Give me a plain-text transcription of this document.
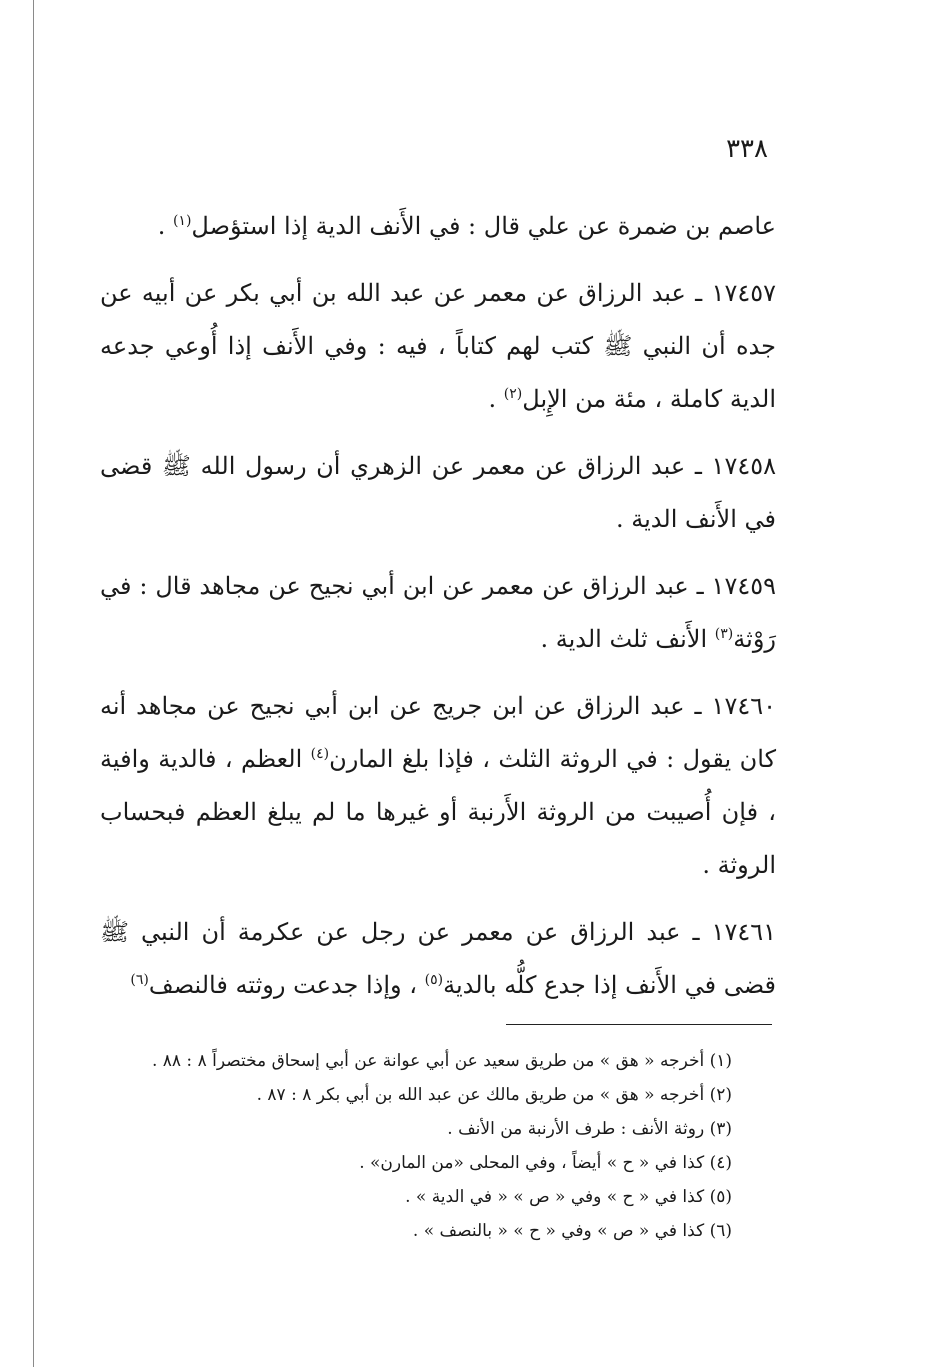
٣٣٨

عاصم بن ضمرة عن علي قال : في الأَنف الدية إذا استؤصل$^{(١)}$ .

١٧٤٥٧ ـ عبد الرزاق عن معمر عن عبد الله بن أبي بكر عن أبيه عن جده أن النبي ﷺ كتب لهم كتاباً ، فيه : وفي الأَنف إذا أُوعي جدعه الدية كاملة ، مئة من الإِبل$^{(٢)}$ .

١٧٤٥٨ ـ عبد الرزاق عن معمر عن الزهري أن رسول الله ﷺ قضى في الأَنف الدية .

١٧٤٥٩ ـ عبد الرزاق عن معمر عن ابن أبي نجيح عن مجاهد قال : في رَوْثة$^{(٣)}$ الأَنف ثلث الدية .

١٧٤٦٠ ـ عبد الرزاق عن ابن جريج عن ابن أبي نجيح عن مجاهد أنه كان يقول : في الروثة الثلث ، فإذا بلغ المارن$^{(٤)}$ العظم ، فالدية وافية ، فإن أُصيبت من الروثة الأَرنبة أو غيرها ما لم يبلغ العظم فبحساب الروثة .

١٧٤٦١ ـ عبد الرزاق عن معمر عن رجل عن عكرمة أن النبي ﷺ قضى في الأَنف إذا جدع كلُّه بالدية$^{(٥)}$ ، وإذا جدعت روثته فالنصف$^{(٦)}$

(١) أخرجه « هق » من طريق سعيد عن أبي عوانة عن أبي إسحاق مختصراً ٨ : ٨٨ .
(٢) أخرجه « هق » من طريق مالك عن عبد الله بن أبي بكر ٨ : ٨٧ .
(٣) روثة الأنف : طرف الأرنبة من الأنف .
(٤) كذا في « ح » أيضاً ، وفي المحلى «من المارن» .
(٥) كذا في « ح » وفي « ص » « في الدية » .
(٦) كذا في « ص » وفي « ح » « بالنصف » .
